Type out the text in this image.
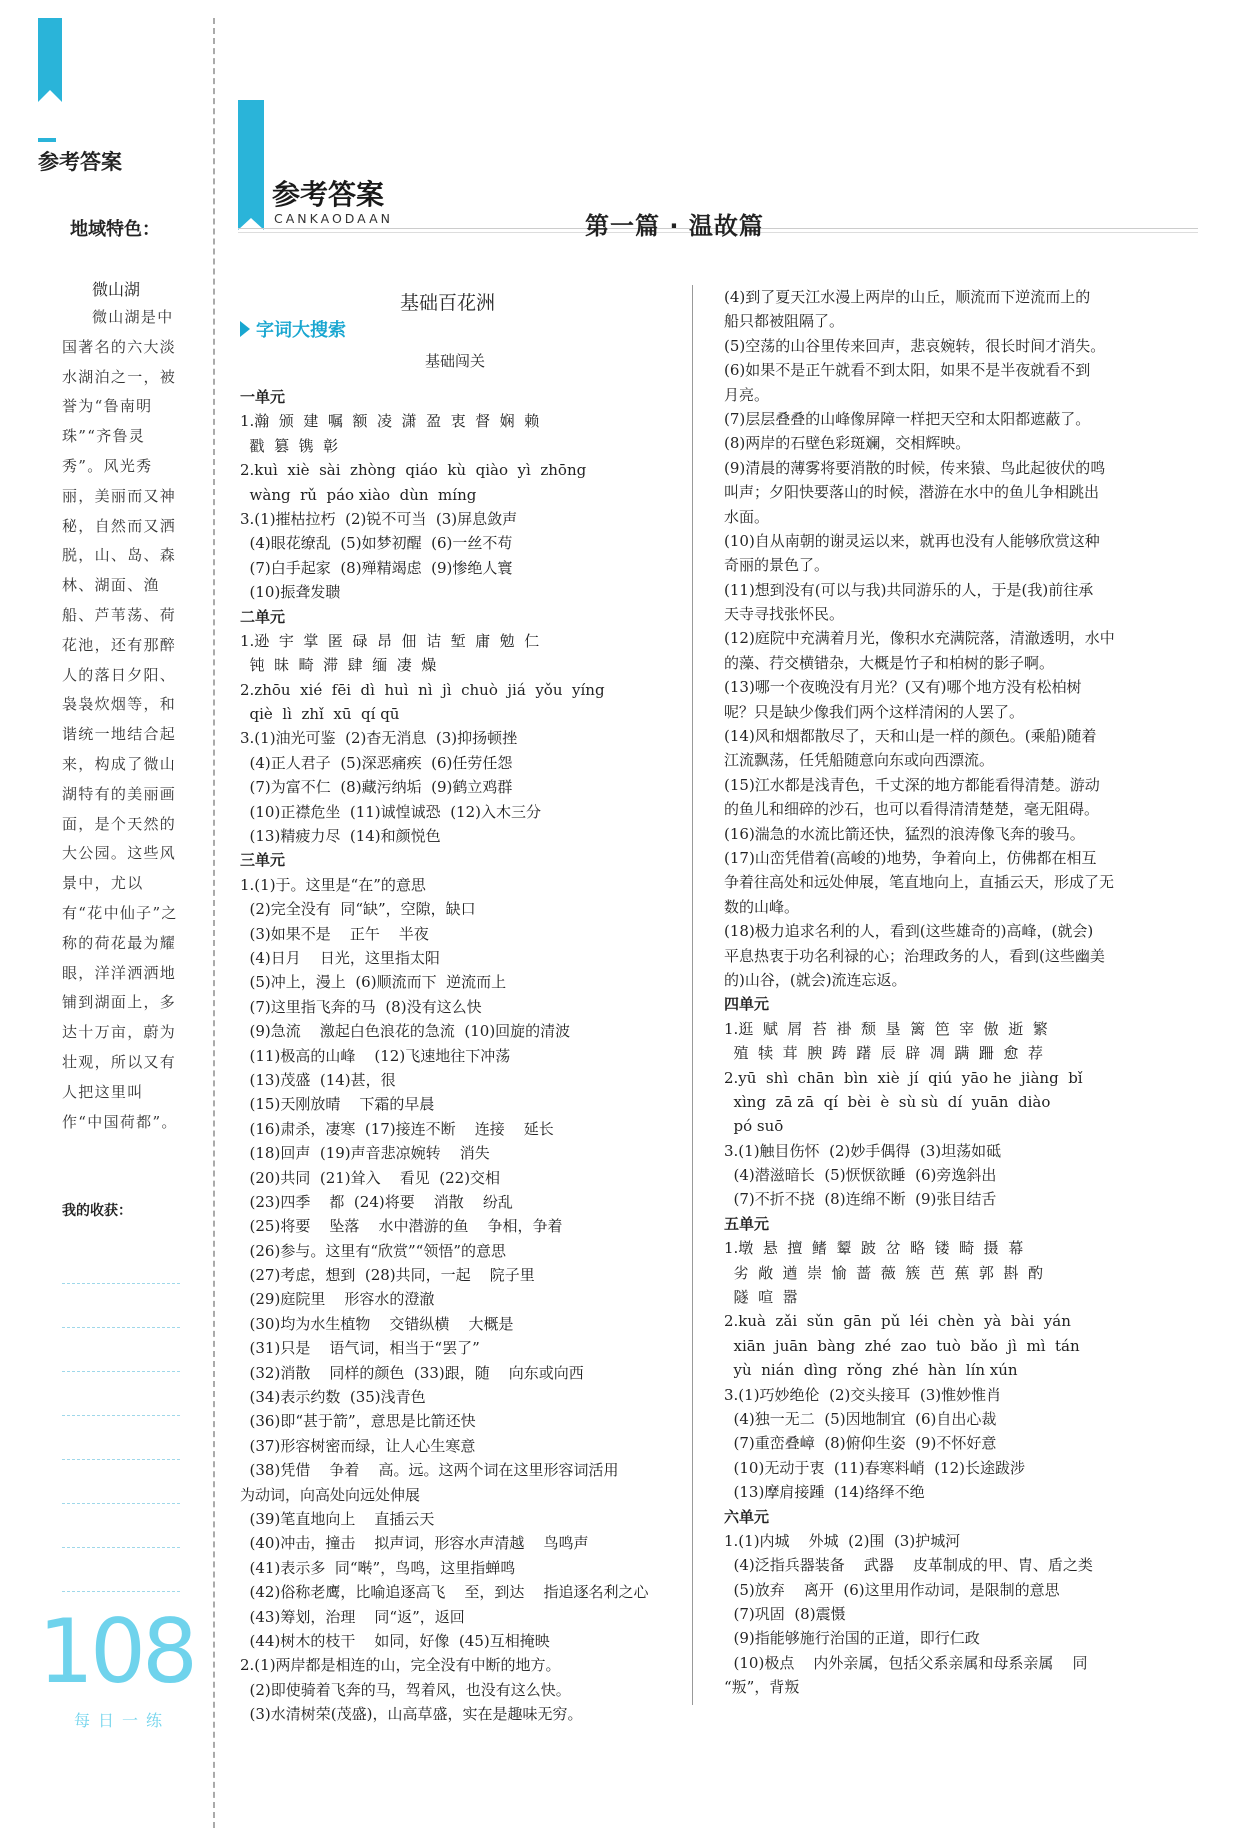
参考答案
地域特色：
微山湖
微山湖是中国著名的六大淡水湖泊之一，被誉为“鲁南明珠”“齐鲁灵秀”。风光秀丽，美丽而又神秘，自然而又洒脱，山、岛、森林、湖面、渔船、芦苇荡、荷花池，还有那醉人的落日夕阳、袅袅炊烟等，和谐统一地结合起来，构成了微山湖特有的美丽画面，是个天然的大公园。这些风景中，尤以有“花中仙子”之称的荷花最为耀眼，洋洋洒洒地铺到湖面上，多达十万亩，蔚为壮观，所以又有人把这里叫作“中国荷都”。
我的收获：
108
每日一练
参考答案
CANKAODAAN	第一篇 · 温故篇
基础百花洲
字词大搜索
基础闯关
一单元
1.瀚  颁  建  嘱  额  凌  潇  盈  衷  督  娴  赖
戳  篡  镌  彰
2.kuì  xiè  sài  zhòng  qiáo  kù  qiào  yì  zhōng
wàng  rǔ  páo xiào  dùn  míng
3.(1)摧枯拉朽  (2)锐不可当  (3)屏息敛声
(4)眼花缭乱  (5)如梦初醒  (6)一丝不苟
(7)白手起家  (8)殚精竭虑  (9)惨绝人寰
(10)振聋发聩
二单元
1.逊  宇  掌  匿  碌  昂  佃  诘  堑  庸  勉  仁
钝  昧  畸  滞  肆  缅  凄  燥
2.zhōu  xié  fēi  dì  huì  nì  jì  chuò  jiá  yǒu  yíng
qiè  lì  zhǐ  xū  qí qū
3.(1)油光可鉴  (2)杳无消息  (3)抑扬顿挫
(4)正人君子  (5)深恶痛疾  (6)任劳任怨
(7)为富不仁  (8)藏污纳垢  (9)鹤立鸡群
(10)正襟危坐  (11)诚惶诚恐  (12)入木三分
(13)精疲力尽  (14)和颜悦色
三单元
1.(1)于。这里是“在”的意思
(2)完全没有  同“缺”，空隙，缺口
(3)如果不是    正午    半夜
(4)日月    日光，这里指太阳
(5)冲上，漫上  (6)顺流而下  逆流而上
(7)这里指飞奔的马  (8)没有这么快
(9)急流    激起白色浪花的急流  (10)回旋的清波
(11)极高的山峰    (12)飞速地往下冲荡
(13)茂盛  (14)甚，很
(15)天刚放晴    下霜的早晨
(16)肃杀，凄寒  (17)接连不断    连接    延长
(18)回声  (19)声音悲凉婉转    消失
(20)共同  (21)耸入    看见  (22)交相
(23)四季    都  (24)将要    消散    纷乱
(25)将要    坠落    水中潜游的鱼    争相，争着
(26)参与。这里有“欣赏”“领悟”的意思
(27)考虑，想到  (28)共同，一起    院子里
(29)庭院里    形容水的澄澈
(30)均为水生植物    交错纵横    大概是
(31)只是    语气词，相当于“罢了”
(32)消散    同样的颜色  (33)跟，随    向东或向西
(34)表示约数  (35)浅青色
(36)即“甚于箭”，意思是比箭还快
(37)形容树密而绿，让人心生寒意
(38)凭借    争着    高。远。这两个词在这里形容词活用
为动词，向高处向远处伸展
(39)笔直地向上    直插云天
(40)冲击，撞击    拟声词，形容水声清越    鸟鸣声
(41)表示多  同“啭”，鸟鸣，这里指蝉鸣
(42)俗称老鹰，比喻追逐高飞    至，到达    指追逐名利之心
(43)筹划，治理    同“返”，返回
(44)树木的枝干    如同，好像  (45)互相掩映
2.(1)两岸都是相连的山，完全没有中断的地方。
(2)即使骑着飞奔的马，驾着风，也没有这么快。
(3)水清树荣(茂盛)，山高草盛，实在是趣味无穷。
(4)到了夏天江水漫上两岸的山丘，顺流而下逆流而上的
船只都被阻隔了。
(5)空荡的山谷里传来回声，悲哀婉转，很长时间才消失。
(6)如果不是正午就看不到太阳，如果不是半夜就看不到
月亮。
(7)层层叠叠的山峰像屏障一样把天空和太阳都遮蔽了。
(8)两岸的石壁色彩斑斓，交相辉映。
(9)清晨的薄雾将要消散的时候，传来猿、鸟此起彼伏的鸣
叫声；夕阳快要落山的时候，潜游在水中的鱼儿争相跳出
水面。
(10)自从南朝的谢灵运以来，就再也没有人能够欣赏这种
奇丽的景色了。
(11)想到没有(可以与我)共同游乐的人，于是(我)前往承
天寺寻找张怀民。
(12)庭院中充满着月光，像积水充满院落，清澈透明，水中
的藻、荇交横错杂，大概是竹子和柏树的影子啊。
(13)哪一个夜晚没有月光？(又有)哪个地方没有松柏树
呢？只是缺少像我们两个这样清闲的人罢了。
(14)风和烟都散尽了，天和山是一样的颜色。(乘船)随着
江流飘荡，任凭船随意向东或向西漂流。
(15)江水都是浅青色，千丈深的地方都能看得清楚。游动
的鱼儿和细碎的沙石，也可以看得清清楚楚，毫无阻碍。
(16)湍急的水流比箭还快，猛烈的浪涛像飞奔的骏马。
(17)山峦凭借着(高峻的)地势，争着向上，仿佛都在相互
争着往高处和远处伸展，笔直地向上，直插云天，形成了无
数的山峰。
(18)极力追求名利的人，看到(这些雄奇的)高峰，(就会)
平息热衷于功名利禄的心；治理政务的人，看到(这些幽美
的)山谷，(就会)流连忘返。
四单元
1.逛  赋  屑  苔  褂  颓  垦  篱  笆  宰  傲  逝  繁
殖  犊  茸  腴  踌  躇  辰  辟  凋  蹒  跚  愈  荐
2.yū  shì  chān  bìn  xiè  jí  qiú  yāo he  jiàng  bǐ
xìng  zā zā  qí  bèi  è  sù sù  dí  yuān  diào
pó suō
3.(1)触目伤怀  (2)妙手偶得  (3)坦荡如砥
(4)潜滋暗长  (5)恹恹欲睡  (6)旁逸斜出
(7)不折不挠  (8)连绵不断  (9)张目结舌
五单元
1.墩  悬  擅  鳍  颦  跛  岔  略  镂  畸  摄  幕
劣  敞  遒  崇  愉  蔷  薇  簇  芭  蕉  郭  斟  酌
隧  喧  嚣
2.kuà  zǎi  sǔn  gān  pǔ  léi  chèn  yà  bài  yán
xiān  juān  bàng  zhé  zao  tuò  bǎo  jì  mì  tán
yù  nián  dìng  rǒng  zhé  hàn  lín xún
3.(1)巧妙绝伦  (2)交头接耳  (3)惟妙惟肖
(4)独一无二  (5)因地制宜  (6)自出心裁
(7)重峦叠嶂  (8)俯仰生姿  (9)不怀好意
(10)无动于衷  (11)春寒料峭  (12)长途跋涉
(13)摩肩接踵  (14)络绎不绝
六单元
1.(1)内城    外城  (2)围  (3)护城河
(4)泛指兵器装备    武器    皮革制成的甲、胄、盾之类
(5)放弃    离开  (6)这里用作动词，是限制的意思
(7)巩固  (8)震慑
(9)指能够施行治国的正道，即行仁政
(10)极点    内外亲属，包括父系亲属和母系亲属    同
“叛”，背叛
